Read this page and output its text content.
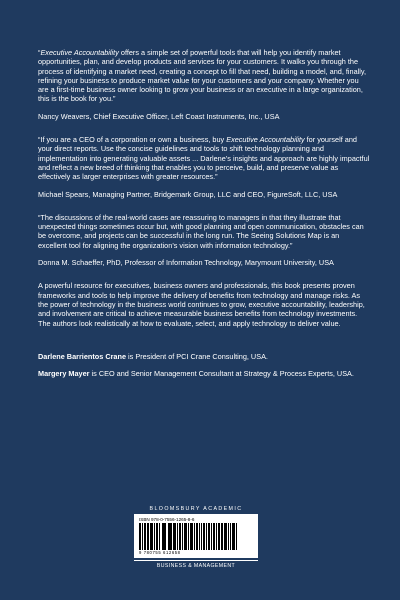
“Executive Accountability offers a simple set of powerful tools that will help you identify market opportunities, plan, and develop products and services for your customers. It walks you through the process of identifying a market need, creating a concept to fill that need, building a model, and, finally, refining your business to produce market value for your customers and your company. Whether you are a first-time business owner looking to grow your business or an executive in a large organization, this is the book for you.”

Nancy Weavers, Chief Executive Officer, Left Coast Instruments, Inc., USA

“If you are a CEO of a corporation or own a business, buy Executive Accountability for yourself and your direct reports. Use the concise guidelines and tools to shift technology planning and implementation into generating valuable assets ... Darlene’s insights and approach are highly impactful and reflect a new breed of thinking that enables you to perceive, build, and preserve value as effectively as larger enterprises with greater resources.”

Michael Spears, Managing Partner, Bridgemark Group, LLC and CEO, FigureSoft, LLC, USA

“The discussions of the real-world cases are reassuring to managers in that they illustrate that unexpected things sometimes occur but, with good planning and open communication, obstacles can be overcome, and projects can be successful in the long run. The Seeing Solutions Map is an excellent tool for aligning the organization’s vision with information technology.”

Donna M. Schaeffer, PhD, Professor of Information Technology, Marymount University, USA

A powerful resource for executives, business owners and professionals, this book presents proven frameworks and tools to help improve the delivery of benefits from technology and manage risks. As the power of technology in the business world continues to grow, executive accountability, leadership, and involvement are critical to achieve measurable business benefits from technology investments. The authors look realistically at how to evaluate, select, and apply technology to deliver value.

Darlene Barrientos Crane is President of PCI Crane Consulting, USA.

Margery Mayer is CEO and Senior Management Consultant at Strategy & Process Experts, USA.

BLOOMSBURY ACADEMIC
ISBN 978-0-7556-1265-8-6
9 780755 612658
BUSINESS & MANAGEMENT
